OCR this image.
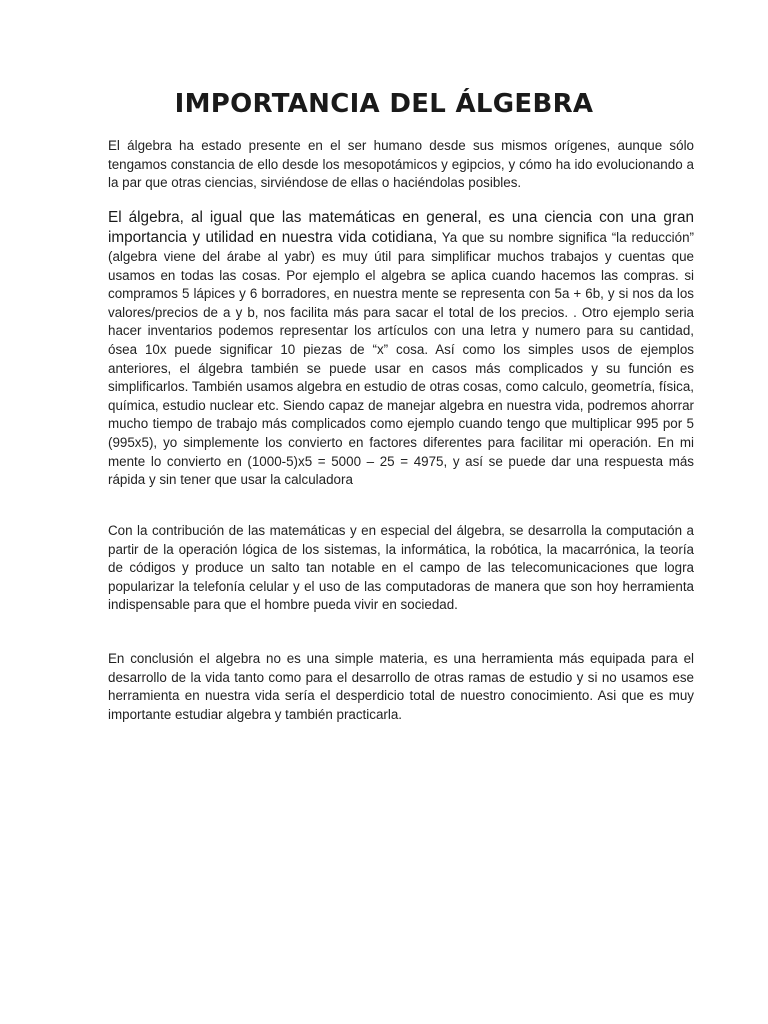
IMPORTANCIA DEL ÁLGEBRA

El álgebra ha estado presente en el ser humano desde sus mismos orígenes, aunque sólo tengamos constancia de ello desde los mesopotámicos y egipcios, y cómo ha ido evolucionando a la par que otras ciencias, sirviéndose de ellas o haciéndolas posibles.

El álgebra, al igual que las matemáticas en general, es una ciencia con una gran importancia y utilidad en nuestra vida cotidiana, Ya que su nombre significa “la reducción” (algebra viene del árabe al yabr) es muy útil para simplificar muchos trabajos y cuentas que usamos en todas las cosas. Por ejemplo el algebra se aplica cuando hacemos las compras. si compramos 5 lápices y 6 borradores, en nuestra mente se representa con 5a + 6b, y si nos da los valores/precios de a y b, nos facilita más para sacar el total de los precios. . Otro ejemplo seria hacer inventarios podemos representar los artículos con una letra y numero para su cantidad, ósea 10x puede significar 10 piezas de “x” cosa. Así como los simples usos de ejemplos anteriores, el álgebra también se puede usar en casos más complicados y su función es simplificarlos. También usamos algebra en estudio de otras cosas, como calculo, geometría, física, química, estudio nuclear etc. Siendo capaz de manejar algebra en nuestra vida, podremos ahorrar mucho tiempo de trabajo más complicados como ejemplo cuando tengo que multiplicar 995 por 5 (995x5), yo simplemente los convierto en factores diferentes para facilitar mi operación. En mi mente lo convierto en (1000-5)x5 = 5000 – 25 = 4975, y así se puede dar una respuesta más rápida y sin tener que usar la calculadora

Con la contribución de las matemáticas y en especial del álgebra, se desarrolla la computación a partir de la operación lógica de los sistemas, la informática, la robótica, la macarrónica, la teoría de códigos y produce un salto tan notable en el campo de las telecomunicaciones que logra popularizar la telefonía celular y el uso de las computadoras de manera que son hoy herramienta indispensable para que el hombre pueda vivir en sociedad.

En conclusión el algebra no es una simple materia, es una herramienta más equipada para el desarrollo de la vida tanto como para el desarrollo de otras ramas de estudio y si no usamos ese herramienta en nuestra vida sería el desperdicio total de nuestro conocimiento. Asi que es muy importante estudiar algebra y también practicarla.
